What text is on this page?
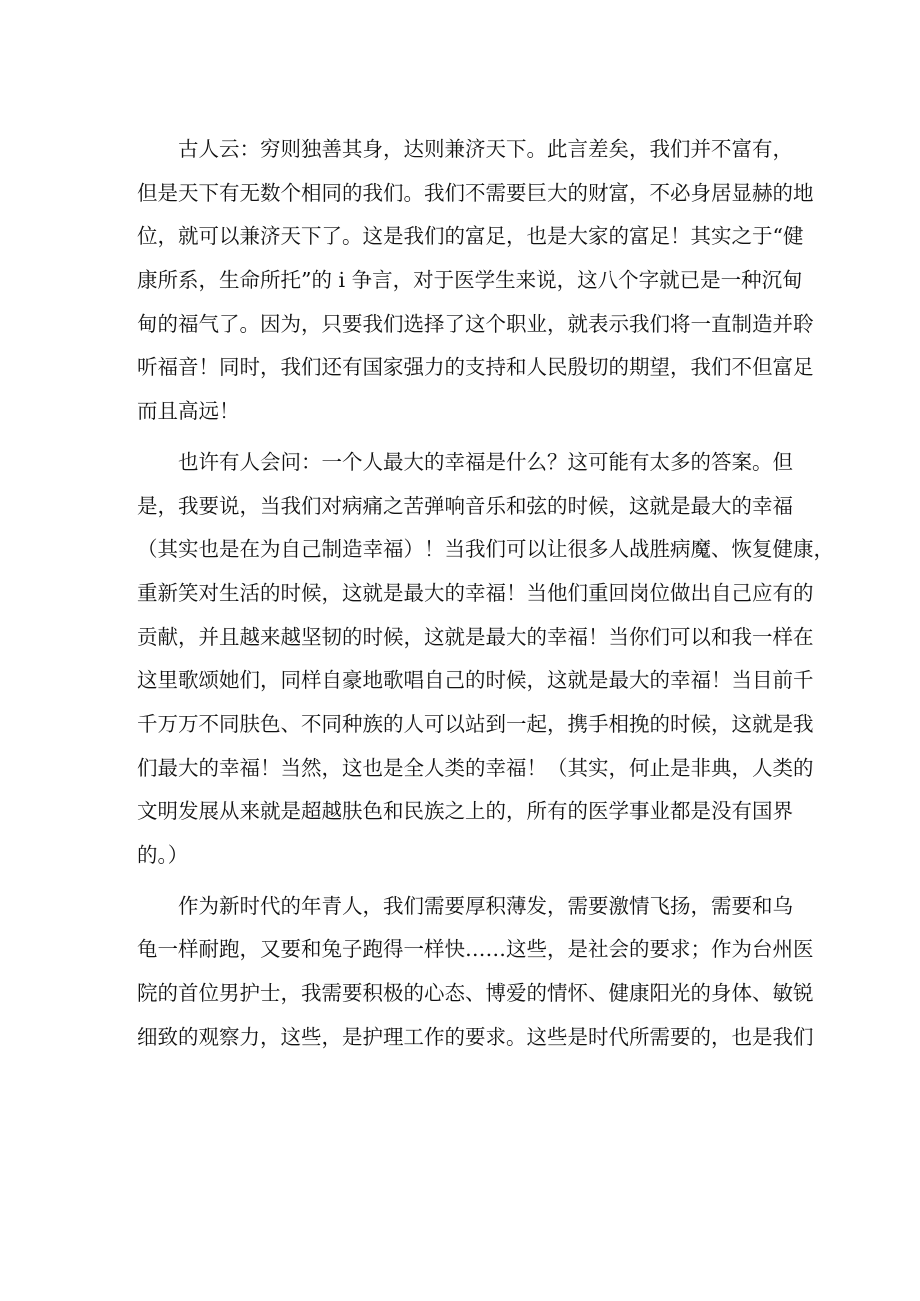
古人云：穷则独善其身，达则兼济天下。此言差矣，我们并不富有，
但是天下有无数个相同的我们。我们不需要巨大的财富，不必身居显赫的地
位，就可以兼济天下了。这是我们的富足，也是大家的富足！其实之于“健
康所系，生命所托”的 i 争言，对于医学生来说，这八个字就已是一种沉甸
甸的福气了。因为，只要我们选择了这个职业，就表示我们将一直制造并聆
听福音！同时，我们还有国家强力的支持和人民殷切的期望，我们不但富足
而且高远！
也许有人会问：一个人最大的幸福是什么？这可能有太多的答案。但
是，我要说，当我们对病痛之苦弹响音乐和弦的时候，这就是最大的幸福
（其实也是在为自己制造幸福）！当我们可以让很多人战胜病魔、恢复健康，
重新笑对生活的时候，这就是最大的幸福！当他们重回岗位做出自己应有的
贡献，并且越来越坚韧的时候，这就是最大的幸福！当你们可以和我一样在
这里歌颂她们，同样自豪地歌唱自己的时候，这就是最大的幸福！当目前千
千万万不同肤色、不同种族的人可以站到一起，携手相挽的时候，这就是我
们最大的幸福！当然，这也是全人类的幸福！（其实，何止是非典，人类的
文明发展从来就是超越肤色和民族之上的，所有的医学事业都是没有国界
的。）
作为新时代的年青人，我们需要厚积薄发，需要激情飞扬，需要和乌
龟一样耐跑，又要和兔子跑得一样快……这些，是社会的要求；作为台州医
院的首位男护士，我需要积极的心态、博爱的情怀、健康阳光的身体、敏锐
细致的观察力，这些，是护理工作的要求。这些是时代所需要的，也是我们
